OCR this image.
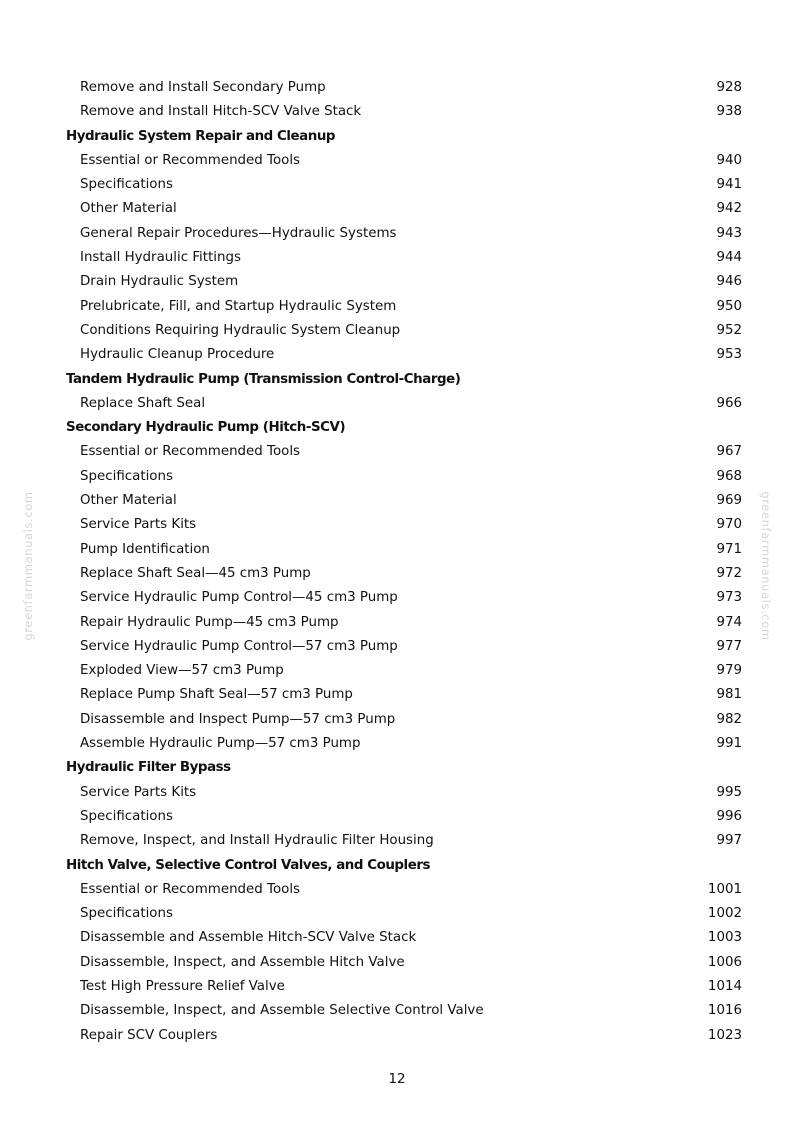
Remove and Install Secondary Pump	928
Remove and Install Hitch-SCV Valve Stack	938
Hydraulic System Repair and Cleanup
Essential or Recommended Tools	940
Specifications	941
Other Material	942
General Repair Procedures—Hydraulic Systems	943
Install Hydraulic Fittings	944
Drain Hydraulic System	946
Prelubricate, Fill, and Startup Hydraulic System	950
Conditions Requiring Hydraulic System Cleanup	952
Hydraulic Cleanup Procedure	953
Tandem Hydraulic Pump (Transmission Control-Charge)
Replace Shaft Seal	966
Secondary Hydraulic Pump (Hitch-SCV)
Essential or Recommended Tools	967
Specifications	968
Other Material	969
Service Parts Kits	970
Pump Identification	971
Replace Shaft Seal—45 cm3 Pump	972
Service Hydraulic Pump Control—45 cm3 Pump	973
Repair Hydraulic Pump—45 cm3 Pump	974
Service Hydraulic Pump Control—57 cm3 Pump	977
Exploded View—57 cm3 Pump	979
Replace Pump Shaft Seal—57 cm3 Pump	981
Disassemble and Inspect Pump—57 cm3 Pump	982
Assemble Hydraulic Pump—57 cm3 Pump	991
Hydraulic Filter Bypass
Service Parts Kits	995
Specifications	996
Remove, Inspect, and Install Hydraulic Filter Housing	997
Hitch Valve, Selective Control Valves, and Couplers
Essential or Recommended Tools	1001
Specifications	1002
Disassemble and Assemble Hitch-SCV Valve Stack	1003
Disassemble, Inspect, and Assemble Hitch Valve	1006
Test High Pressure Relief Valve	1014
Disassemble, Inspect, and Assemble Selective Control Valve	1016
Repair SCV Couplers	1023
12
greenfarmmanuals.com	greenfarmmanuals.com
